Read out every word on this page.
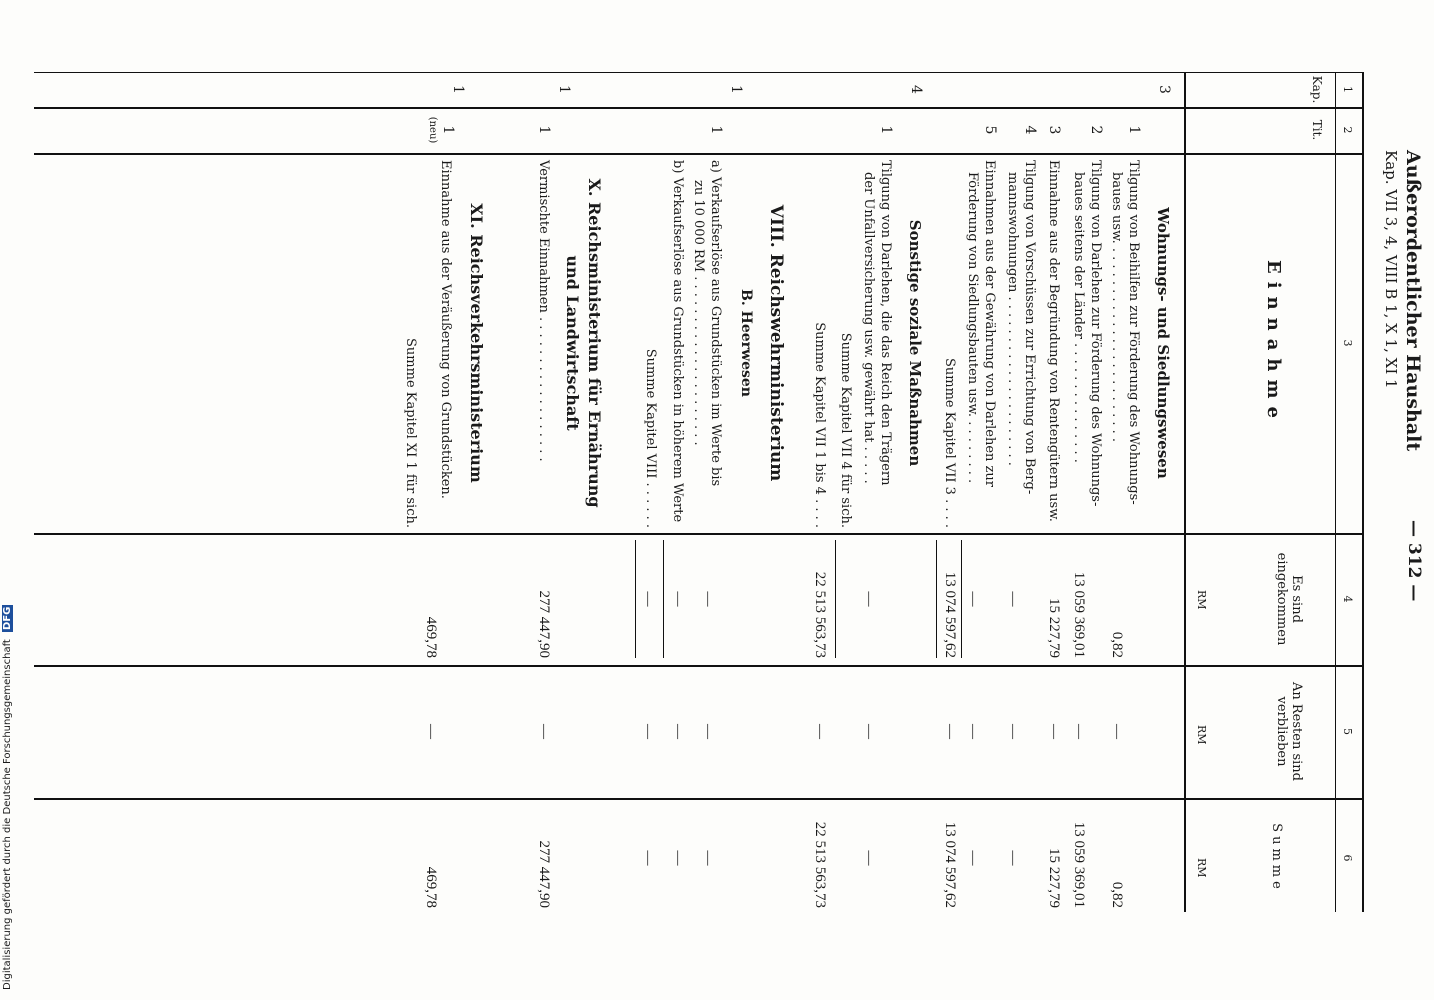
Außerordentlicher Haushalt
Kap. VII 3, 4, VIII B 1, X 1, XI 1
— 312 —
1
2
3
4
5
6
Kap.
Tit.
Einnahme
Es sind eingekommen
An Resten sind verblieben
Summe
RM
RM
RM
Wohnungs- und Siedlungswesen
3
1
Tilgung von Beihilfen zur Förderung des Wohnungs-
baues usw. . . . . . . . . . . . . . . . . . . . . . . . .
0,82
—
0,82
2
Tilgung von Darlehen zur Förderung des Wohnungs-
baues seitens der Länder . . . . . . . . . . . . . . .
13 059 369,01
—
13 059 369,01
3
Einnahme aus der Begründung von Rentengütern usw.
15 227,79
—
15 227,79
4
Tilgung von Vorschüssen zur Errichtung von Berg-
mannswohnungen . . . . . . . . . . . . . . . . . . . . .
—
—
—
5
Einnahmen aus der Gewährung von Darlehen zur
Förderung von Siedlungsbauten usw. . . . . . . . .
—
—
—
Summe Kapitel VII 3 . . . .
13 074 597,62
—
13 074 597,62
Sonstige soziale Maßnahmen
4
1
Tilgung von Darlehen, die das Reich den Trägern
der Unfallversicherung usw. gewährt hat . . . . .
—
—
—
Summe Kapitel VII 4 für sich.
Summe Kapitel VII 1 bis 4 . . . .
22 513 563,73
—
22 513 563,73
VIII. Reichswehrministerium
B. Heerwesen
1
1
a) Verkaufserlöse aus Grundstücken im Werte bis
zu 10 000 RM . . . . . . . . . . . . . . . . . . . . .
—
—
—
b) Verkaufserlöse aus Grundstücken in höherem Werte
—
—
—
Summe Kapitel VIII . . . . . .
—
—
—
X. Reichsministerium für Ernährung
und Landwirtschaft
1
1
Vermischte Einnahmen . . . . . . . . . . . . . . . . . .
277 447,90
—
277 447,90
XI. Reichsverkehrsministerium
1
1
(neu)
Einnahme aus der Veräußerung von Grundstücken.
469,78
—
469,78
Summe Kapitel XI 1 für sich.
Digitalisierung gefördert durch die Deutsche Forschungsgemeinschaft DFG
